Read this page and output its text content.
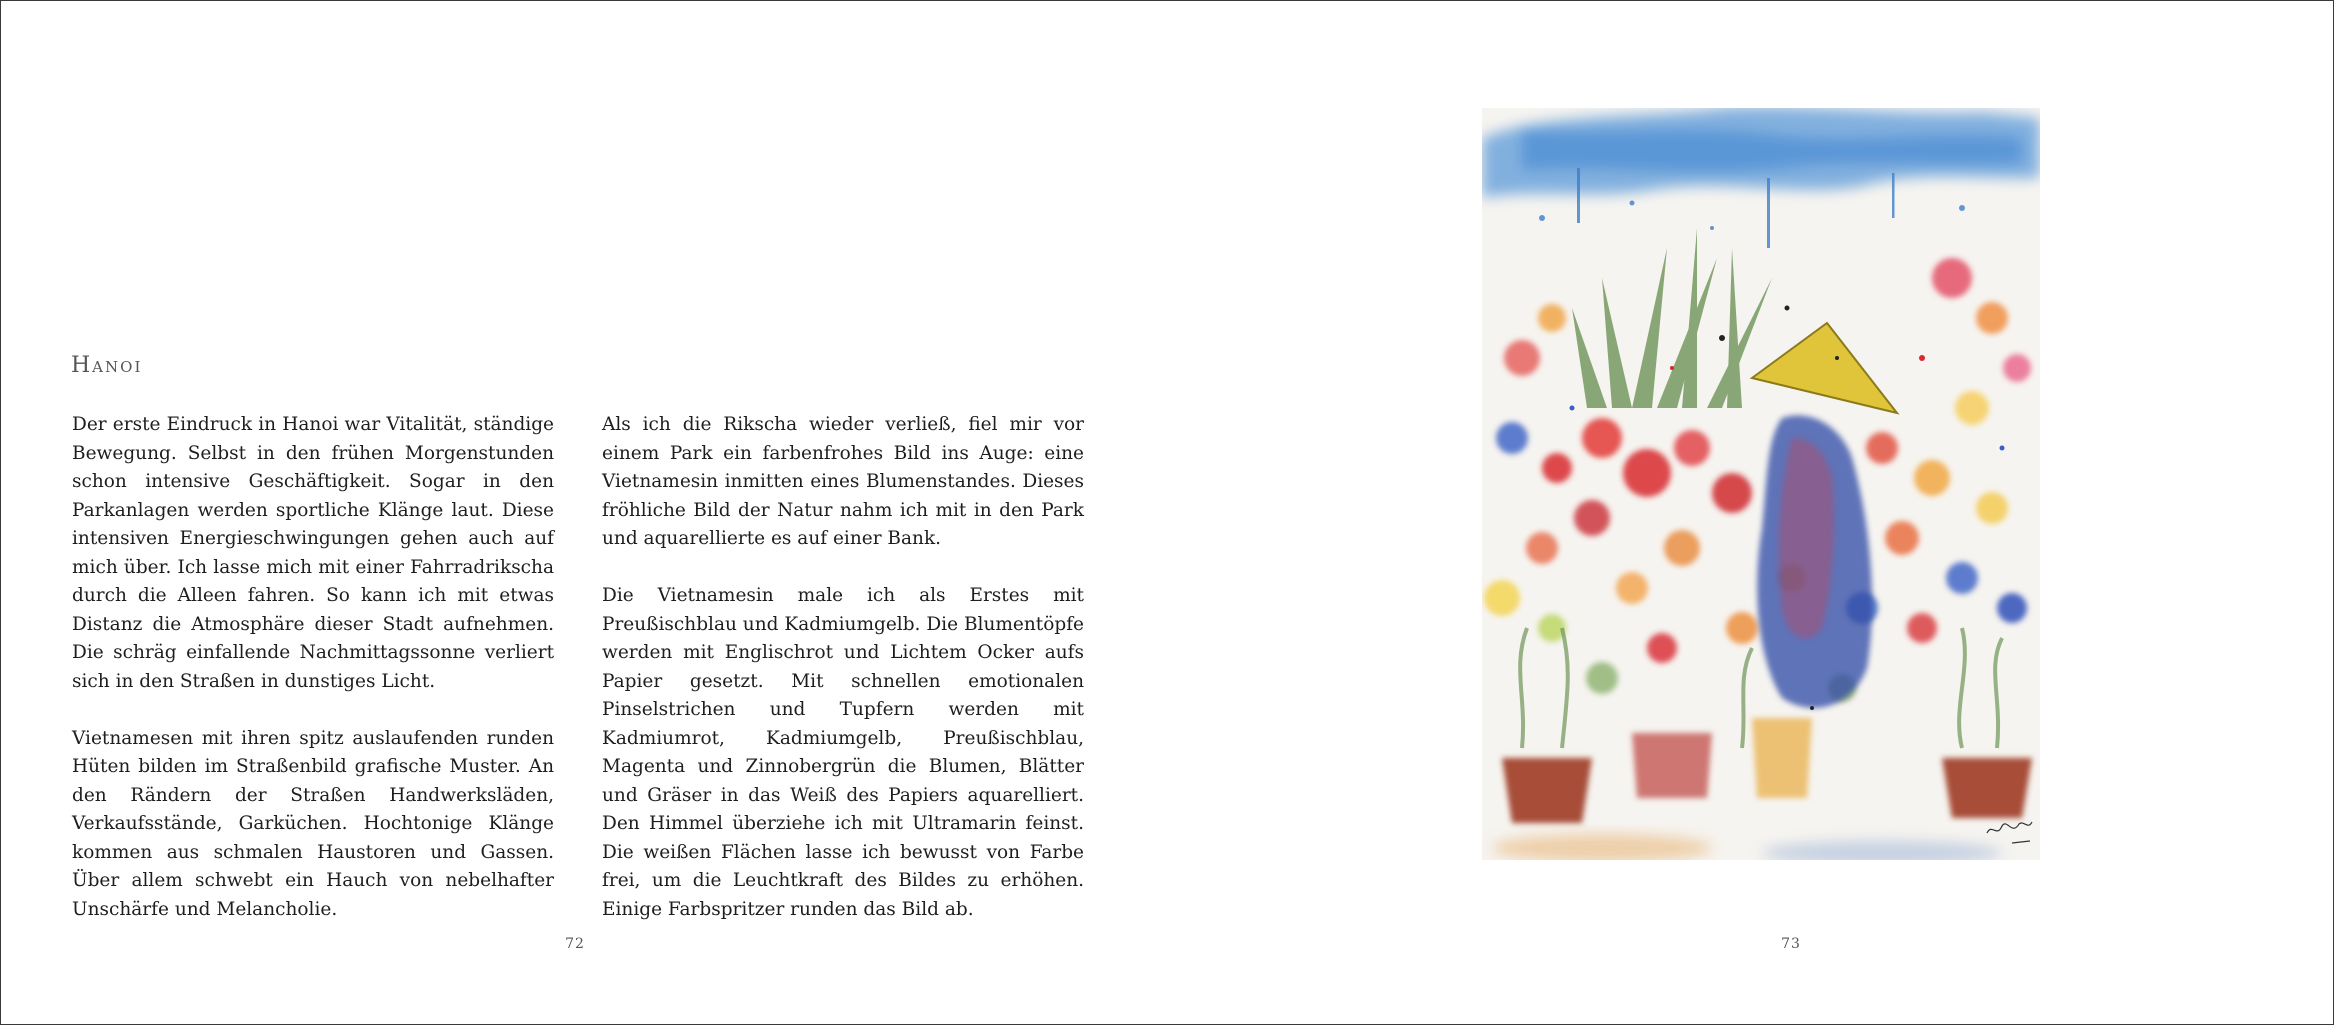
Hanoi

Der erste Eindruck in Hanoi war Vitalität, ständige Bewegung. Selbst in den frühen Morgenstunden schon intensive Geschäftigkeit. Sogar in den Parkanlagen werden sportliche Klänge laut. Diese intensiven Energieschwingungen gehen auch auf mich über. Ich lasse mich mit einer Fahrradrikscha durch die Alleen fahren. So kann ich mit etwas Distanz die Atmosphäre dieser Stadt aufnehmen. Die schräg einfallende Nachmittagssonne verliert sich in den Straßen in dunstiges Licht.

Vietnamesen mit ihren spitz auslaufenden runden Hüten bilden im Straßenbild grafische Muster. An den Rändern der Straßen Handwerksläden, Verkaufsstände, Garküchen. Hochtonige Klänge kommen aus schmalen Haustoren und Gassen. Über allem schwebt ein Hauch von nebelhafter Unschärfe und Melancholie.

Als ich die Rikscha wieder verließ, fiel mir vor einem Park ein farbenfrohes Bild ins Auge: eine Vietnamesin inmitten eines Blumenstandes. Dieses fröhliche Bild der Natur nahm ich mit in den Park und aquarellierte es auf einer Bank.

Die Vietnamesin male ich als Erstes mit Preußischblau und Kadmiumgelb. Die Blumentöpfe werden mit Englischrot und Lichtem Ocker aufs Papier gesetzt. Mit schnellen emotionalen Pinselstrichen und Tupfern werden mit Kadmiumrot, Kadmiumgelb, Preußischblau, Magenta und Zinnobergrün die Blumen, Blätter und Gräser in das Weiß des Papiers aquarelliert. Den Himmel überziehe ich mit Ultramarin feinst. Die weißen Flächen lasse ich bewusst von Farbe frei, um die Leuchtkraft des Bildes zu erhöhen. Einige Farbspritzer runden das Bild ab.

72	73
